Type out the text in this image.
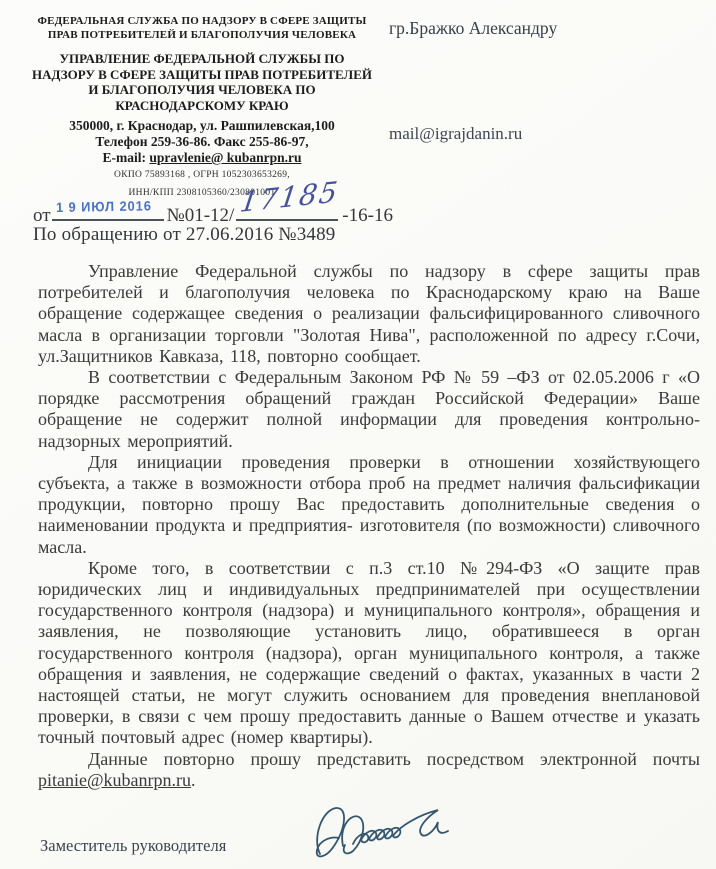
ФЕДЕРАЛЬНАЯ СЛУЖБА ПО НАДЗОРУ В СФЕРЕ ЗАЩИТЫ ПРАВ ПОТРЕБИТЕЛЕЙ И БЛАГОПОЛУЧИЯ ЧЕЛОВЕКА
УПРАВЛЕНИЕ ФЕДЕРАЛЬНОЙ СЛУЖБЫ ПО НАДЗОРУ В СФЕРЕ ЗАЩИТЫ ПРАВ ПОТРЕБИТЕЛЕЙ И БЛАГОПОЛУЧИЯ ЧЕЛОВЕКА ПО КРАСНОДАРСКОМУ КРАЮ
350000, г. Краснодар, ул. Рашпилевская,100
Телефон 259-36-86. Факс 255-86-97,
E-mail: upravlenie@ kubanrpn.ru
ОКПО 75893168 , ОГРН 1052303653269,
ИНН/КПП 2308105360/230801001
гр.Бражко Александру
mail@igrajdanin.ru
от 1 9 ИЮЛ 2016 №01-12/ 17185 -16-16
По обращению от 27.06.2016 №3489

Управление Федеральной службы по надзору в сфере защиты прав потребителей и благополучия человека по Краснодарскому краю на Ваше обращение содержащее сведения о реализации фальсифицированного сливочного масла в организации торговли "Золотая Нива", расположенной по адресу г.Сочи, ул.Защитников Кавказа, 118, повторно сообщает.

В соответствии с Федеральным Законом РФ № 59 –ФЗ от 02.05.2006 г «О порядке рассмотрения обращений граждан Российской Федерации» Ваше обращение не содержит полной информации для проведения контрольно-надзорных мероприятий.

Для инициации проведения проверки в отношении хозяйствующего субъекта, а также в возможности отбора проб на предмет наличия фальсификации продукции, повторно прошу Вас предоставить дополнительные сведения о наименовании продукта и предприятия- изготовителя (по возможности) сливочного масла.

Кроме того, в соответствии с п.3 ст.10 №294-ФЗ «О защите прав юридических лиц и индивидуальных предпринимателей при осуществлении государственного контроля (надзора) и муниципального контроля», обращения и заявления, не позволяющие установить лицо, обратившееся в орган государственного контроля (надзора), орган муниципального контроля, а также обращения и заявления, не содержащие сведений о фактах, указанных в части 2 настоящей статьи, не могут служить основанием для проведения внеплановой проверки, в связи с чем прошу предоставить данные о Вашем отчестве и указать точный почтовый адрес (номер квартиры).

Данные повторно прошу представить посредством электронной почты pitanie@kubanrpn.ru.

Заместитель руководителя
